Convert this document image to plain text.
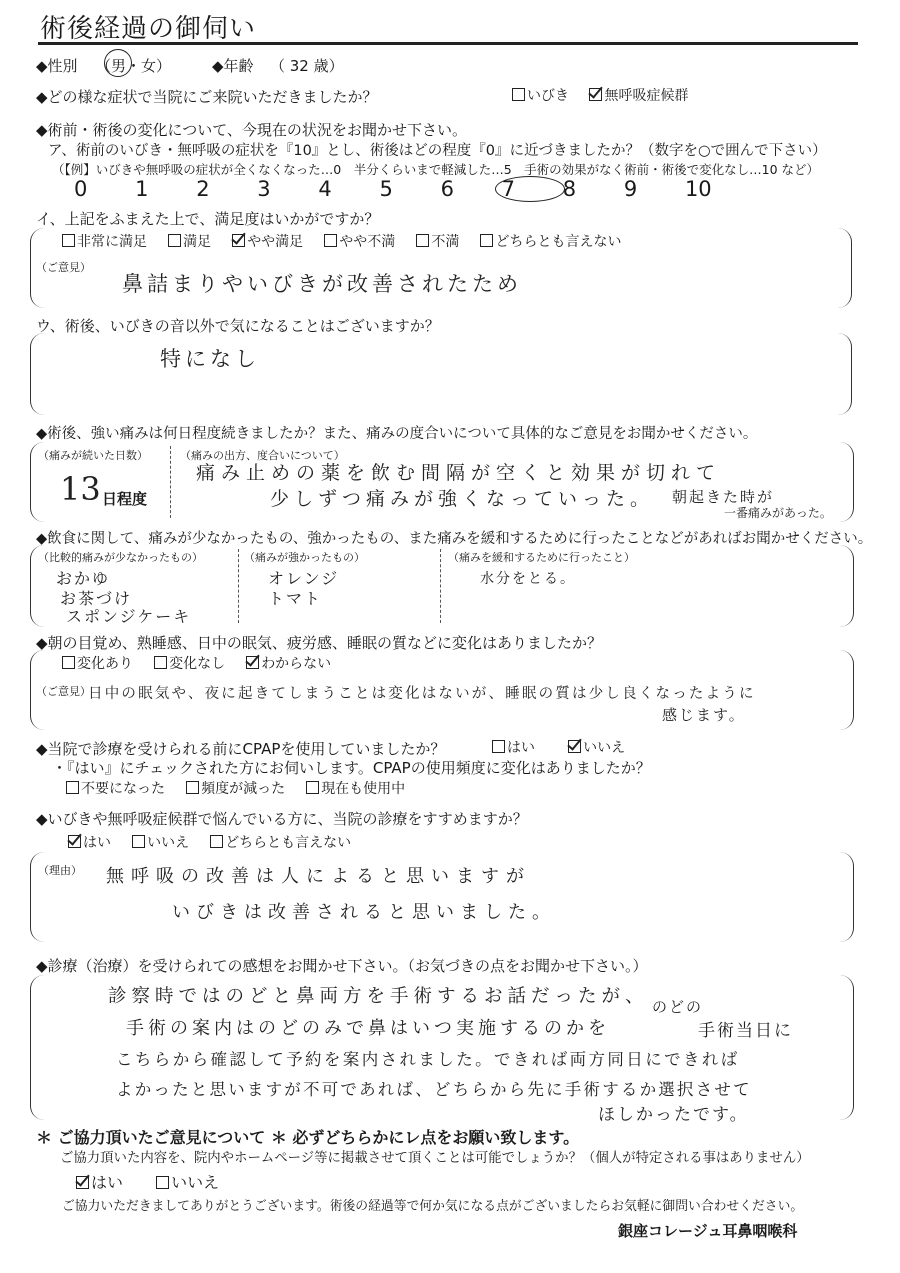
術後経過の御伺い
◆性別 （男・女）	◆年齢 （ 32 歳）
◆どの様な症状で当院にご来院いただきましたか？	いびき	無呼吸症候群
◆術前・術後の変化について、今現在の状況をお聞かせ下さい。
ア、術前のいびき・無呼吸の症状を『10』とし、術後はどの程度『0』に近づきましたか？（数字を○で囲んで下さい）
（【例】いびきや無呼吸の症状が全くなくなった…0　半分くらいまで軽減した…5　手術の効果がなく術前・術後で変化なし…10 など）
0 1 2 3 4 5 6 7 8 9 10
イ、上記をふまえた上で、満足度はいかがですか？
非常に満足	満足	やや満足	やや不満	不満	どちらとも言えない
（ご意見）
鼻詰まりやいびきが改善されたため
ウ、術後、いびきの音以外で気になることはございますか？
特になし
◆術後、強い痛みは何日程度続きましたか？また、痛みの度合いについて具体的なご意見をお聞かせください。
（痛みが続いた日数）
13 日程度
（痛みの出方、度合いについて）
痛み止めの薬を飲む間隔が空くと効果が切れて
少しずつ痛みが強くなっていった。 朝起きた時が
一番痛みがあった。
◆飲食に関して、痛みが少なかったもの、強かったもの、また痛みを緩和するために行ったことなどがあればお聞かせください。
（比較的痛みが少なかったもの）
おかゆ
お茶づけ
スポンジケーキ
（痛みが強かったもの）
オレンジ
トマト
（痛みを緩和するために行ったこと）
水分をとる。
◆朝の目覚め、熟睡感、日中の眠気、疲労感、睡眠の質などに変化はありましたか？
変化あり	変化なし	わからない
（ご意見）
日中の眠気や、夜に起きてしまうことは変化はないが、睡眠の質は少し良くなったように
感じます。
◆当院で診療を受けられる前にCPAPを使用していましたか？	はい	いいえ
・『はい』にチェックされた方にお伺いします。CPAPの使用頻度に変化はありましたか？
不要になった	頻度が減った	現在も使用中
◆いびきや無呼吸症候群で悩んでいる方に、当院の診療をすすめますか？
はい	いいえ	どちらとも言えない
（理由） 無呼吸の改善は人によると思いますが
いびきは改善されると思いました。
◆診療（治療）を受けられての感想をお聞かせ下さい。（お気づきの点をお聞かせ下さい。）
診察時ではのどと鼻両方を手術するお話だったが、
手術の案内はのどのみで鼻はいつ実施するのかを
のどの
手術当日に
こちらから確認して予約を案内されました。できれば両方同日にできれば
よかったと思いますが不可であれば、どちらから先に手術するか選択させて
ほしかったです。
＊ ご協力頂いたご意見について ＊ 必ずどちらかにレ点をお願い致します。
ご協力頂いた内容を、院内やホームページ等に掲載させて頂くことは可能でしょうか？（個人が特定される事はありません）
はい	いいえ
ご協力いただきましてありがとうございます。術後の経過等で何か気になる点がございましたらお気軽に御問い合わせください。
銀座コレージュ耳鼻咽喉科
